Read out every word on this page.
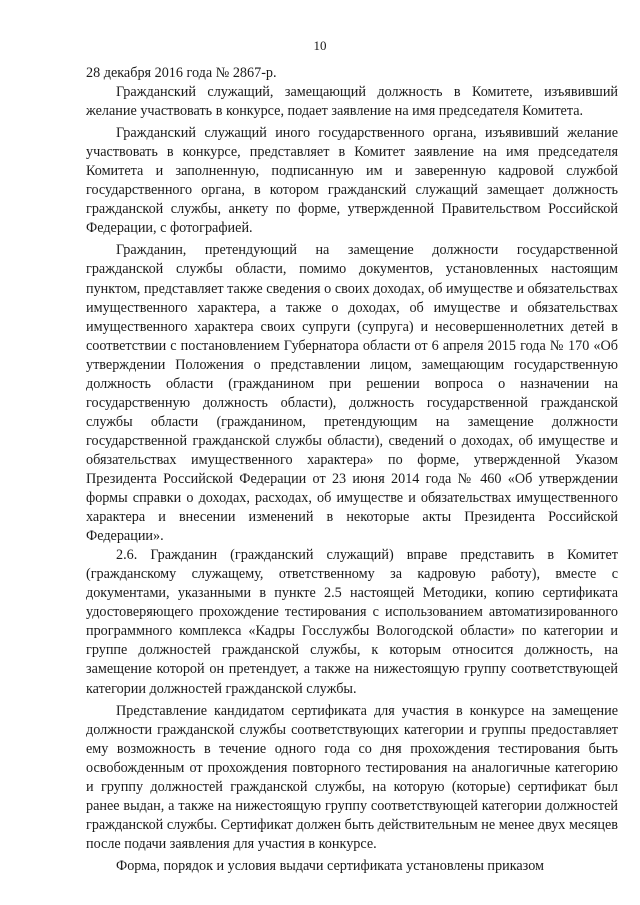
10

28 декабря 2016 года № 2867-р.

Гражданский служащий, замещающий должность в Комитете, изъявивший желание участвовать в конкурсе, подает заявление на имя председателя Комитета.

Гражданский служащий иного государственного органа, изъявивший желание участвовать в конкурсе, представляет в Комитет заявление на имя председателя Комитета и заполненную, подписанную им и заверенную кадровой службой государственного органа, в котором гражданский служащий замещает должность гражданской службы, анкету по форме, утвержденной Правительством Российской Федерации, с фотографией.

Гражданин, претендующий на замещение должности государственной гражданской службы области, помимо документов, установленных настоящим пунктом, представляет также сведения о своих доходах, об имуществе и обязательствах имущественного характера, а также о доходах, об имуществе и обязательствах имущественного характера своих супруги (супруга) и несовершеннолетних детей в соответствии с постановлением Губернатора области от 6 апреля 2015 года № 170 «Об утверждении Положения о представлении лицом, замещающим государственную должность области (гражданином при решении вопроса о назначении на государственную должность области), должность государственной гражданской службы области (гражданином, претендующим на замещение должности государственной гражданской службы области), сведений о доходах, об имуществе и обязательствах имущественного характера» по форме, утвержденной Указом Президента Российской Федерации от 23 июня 2014 года № 460 «Об утверждении формы справки о доходах, расходах, об имуществе и обязательствах имущественного характера и внесении изменений в некоторые акты Президента Российской Федерации».

2.6. Гражданин (гражданский служащий) вправе представить в Комитет (гражданскому служащему, ответственному за кадровую работу), вместе с документами, указанными в пункте 2.5 настоящей Методики, копию сертификата удостоверяющего прохождение тестирования с использованием автоматизированного программного комплекса «Кадры Госслужбы Вологодской области» по категории и группе должностей гражданской службы, к которым относится должность, на замещение которой он претендует, а также на нижестоящую группу соответствующей категории должностей гражданской службы.

Представление кандидатом сертификата для участия в конкурсе на замещение должности гражданской службы соответствующих категории и группы предоставляет ему возможность в течение одного года со дня прохождения тестирования быть освобожденным от прохождения повторного тестирования на аналогичные категорию и группу должностей гражданской службы, на которую (которые) сертификат был ранее выдан, а также на нижестоящую группу соответствующей категории должностей гражданской службы. Сертификат должен быть действительным не менее двух месяцев после подачи заявления для участия в конкурсе.

Форма, порядок и условия выдачи сертификата установлены приказом
